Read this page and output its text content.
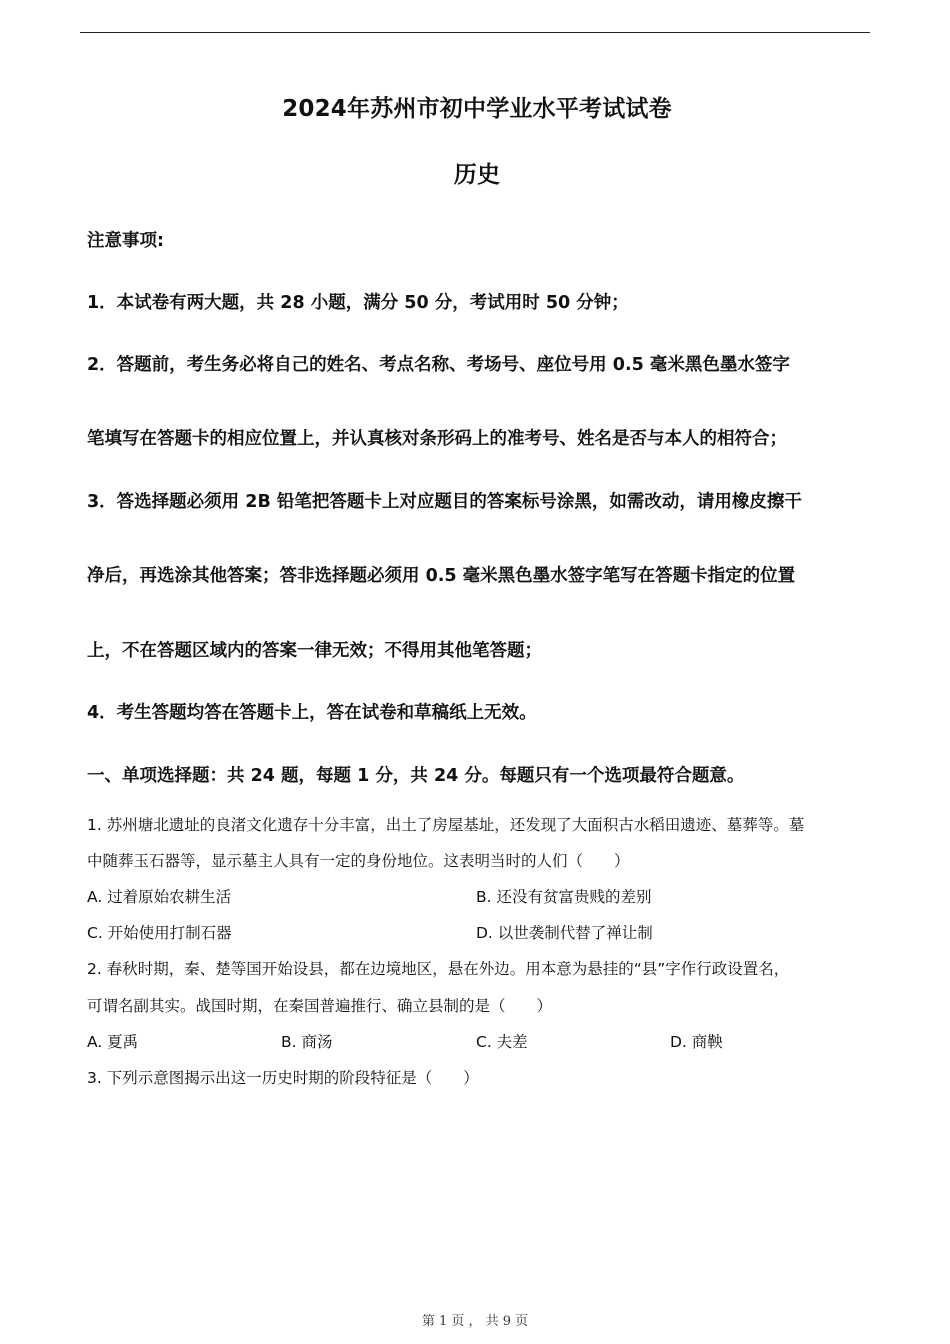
2024年苏州市初中学业水平考试试卷
历史
注意事项:
1．本试卷有两大题，共 28 小题，满分 50 分，考试用时 50 分钟；
2．答题前，考生务必将自己的姓名、考点名称、考场号、座位号用 0.5 毫米黑色墨水签字
笔填写在答题卡的相应位置上，并认真核对条形码上的准考号、姓名是否与本人的相符合；
3．答选择题必须用 2B 铅笔把答题卡上对应题目的答案标号涂黑，如需改动，请用橡皮擦干
净后，再选涂其他答案；答非选择题必须用 0.5 毫米黑色墨水签字笔写在答题卡指定的位置
上，不在答题区域内的答案一律无效；不得用其他笔答题；
4．考生答题均答在答题卡上，答在试卷和草稿纸上无效。
一、单项选择题：共 24 题，每题 1 分，共 24 分。每题只有一个选项最符合题意。
1. 苏州塘北遗址的良渚文化遗存十分丰富，出土了房屋基址，还发现了大面积古水稻田遗迹、墓葬等。墓
中随葬玉石器等，显示墓主人具有一定的身份地位。这表明当时的人们（　　）
A. 过着原始农耕生活	B. 还没有贫富贵贱的差别
C. 开始使用打制石器	D. 以世袭制代替了禅让制
2. 春秋时期，秦、楚等国开始设县，都在边境地区，悬在外边。用本意为悬挂的“县”字作行政设置名，
可谓名副其实。战国时期，在秦国普遍推行、确立县制的是（　　）
A. 夏禹	B. 商汤	C. 夫差	D. 商鞅
3. 下列示意图揭示出这一历史时期的阶段特征是（　　）
第 1 页 ， 共 9 页
